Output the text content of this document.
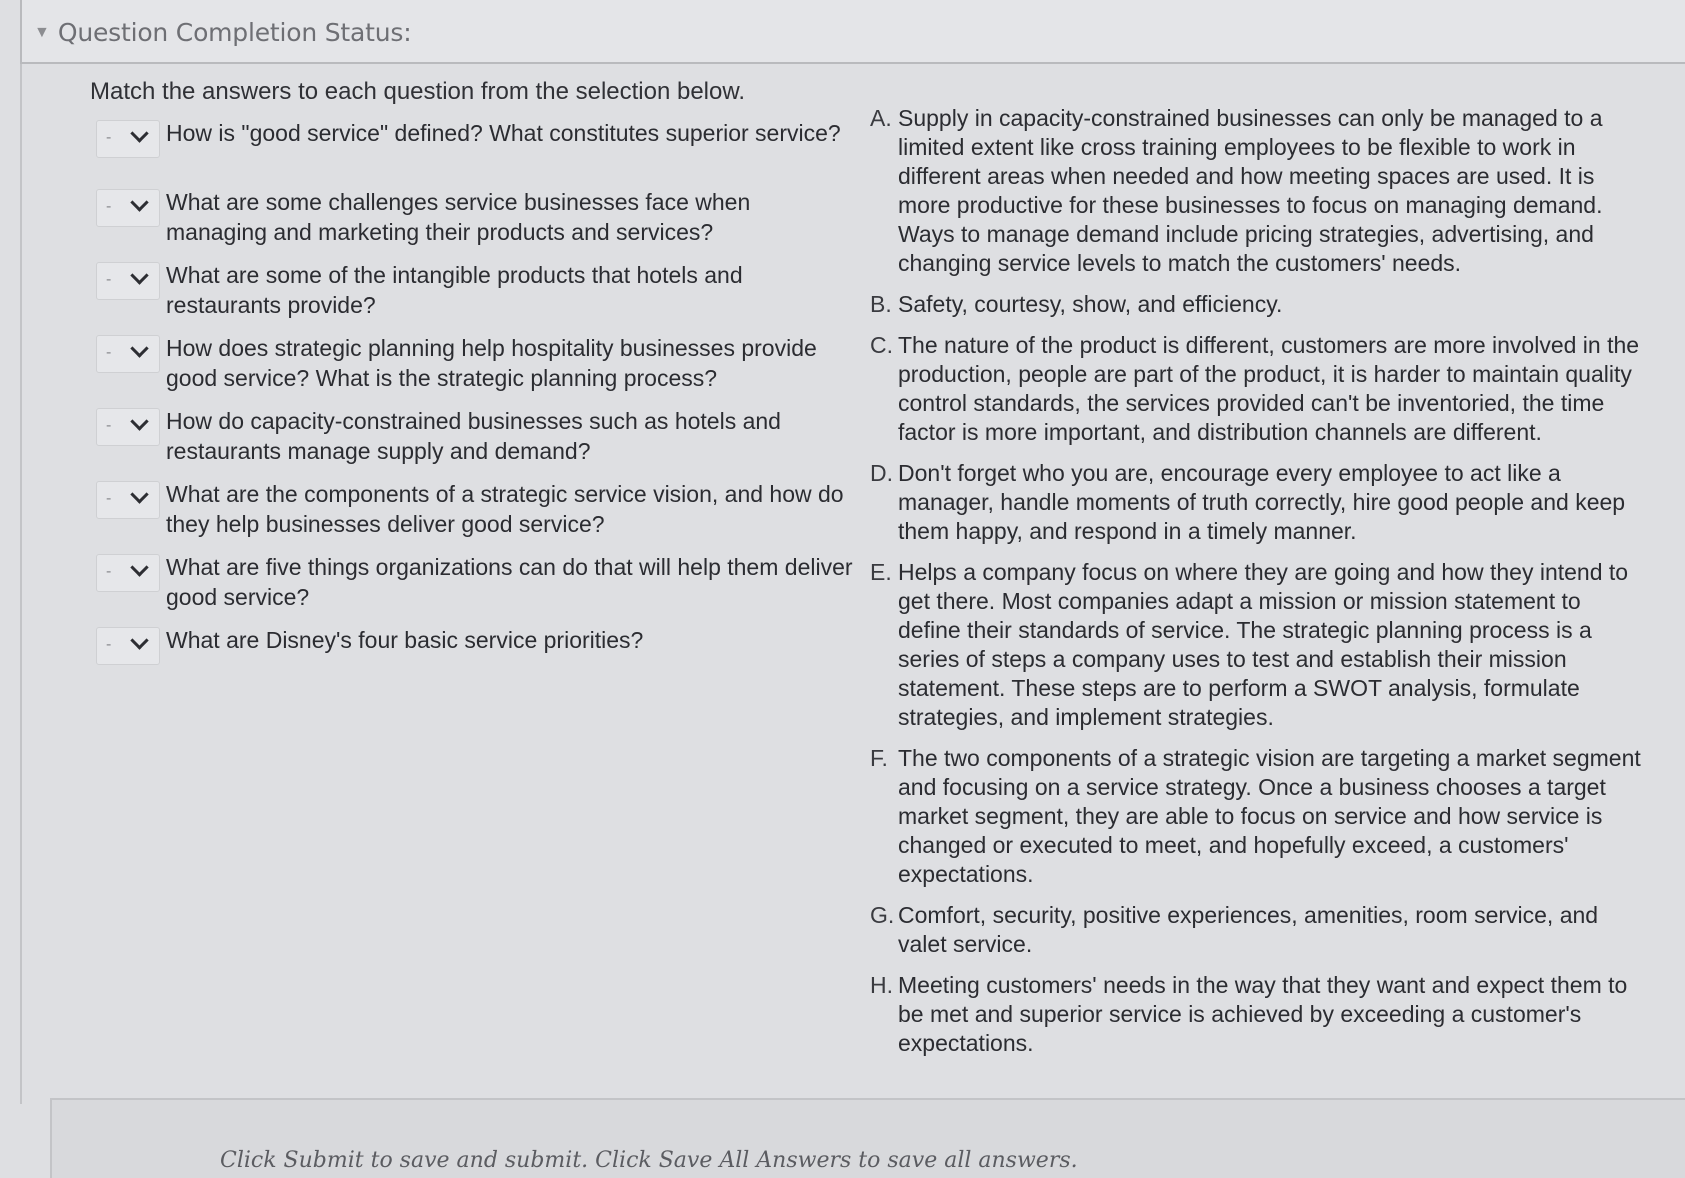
▼ Question Completion Status:
Match the answers to each question from the selection below.
- How is "good service" defined? What constitutes superior service?
- What are some challenges service businesses face when managing and marketing their products and services?
- What are some of the intangible products that hotels and restaurants provide?
- How does strategic planning help hospitality businesses provide good service? What is the strategic planning process?
- How do capacity-constrained businesses such as hotels and restaurants manage supply and demand?
- What are the components of a strategic service vision, and how do they help businesses deliver good service?
- What are five things organizations can do that will help them deliver good service?
- What are Disney's four basic service priorities?
A. Supply in capacity-constrained businesses can only be managed to a limited extent like cross training employees to be flexible to work in different areas when needed and how meeting spaces are used. It is more productive for these businesses to focus on managing demand. Ways to manage demand include pricing strategies, advertising, and changing service levels to match the customers' needs.
B. Safety, courtesy, show, and efficiency.
C. The nature of the product is different, customers are more involved in the production, people are part of the product, it is harder to maintain quality control standards, the services provided can't be inventoried, the time factor is more important, and distribution channels are different.
D. Don't forget who you are, encourage every employee to act like a manager, handle moments of truth correctly, hire good people and keep them happy, and respond in a timely manner.
E. Helps a company focus on where they are going and how they intend to get there. Most companies adapt a mission or mission statement to define their standards of service. The strategic planning process is a series of steps a company uses to test and establish their mission statement. These steps are to perform a SWOT analysis, formulate strategies, and implement strategies.
F. The two components of a strategic vision are targeting a market segment and focusing on a service strategy. Once a business chooses a target market segment, they are able to focus on service and how service is changed or executed to meet, and hopefully exceed, a customers' expectations.
G. Comfort, security, positive experiences, amenities, room service, and valet service.
H. Meeting customers' needs in the way that they want and expect them to be met and superior service is achieved by exceeding a customer's expectations.
Click Submit to save and submit. Click Save All Answers to save all answers.
